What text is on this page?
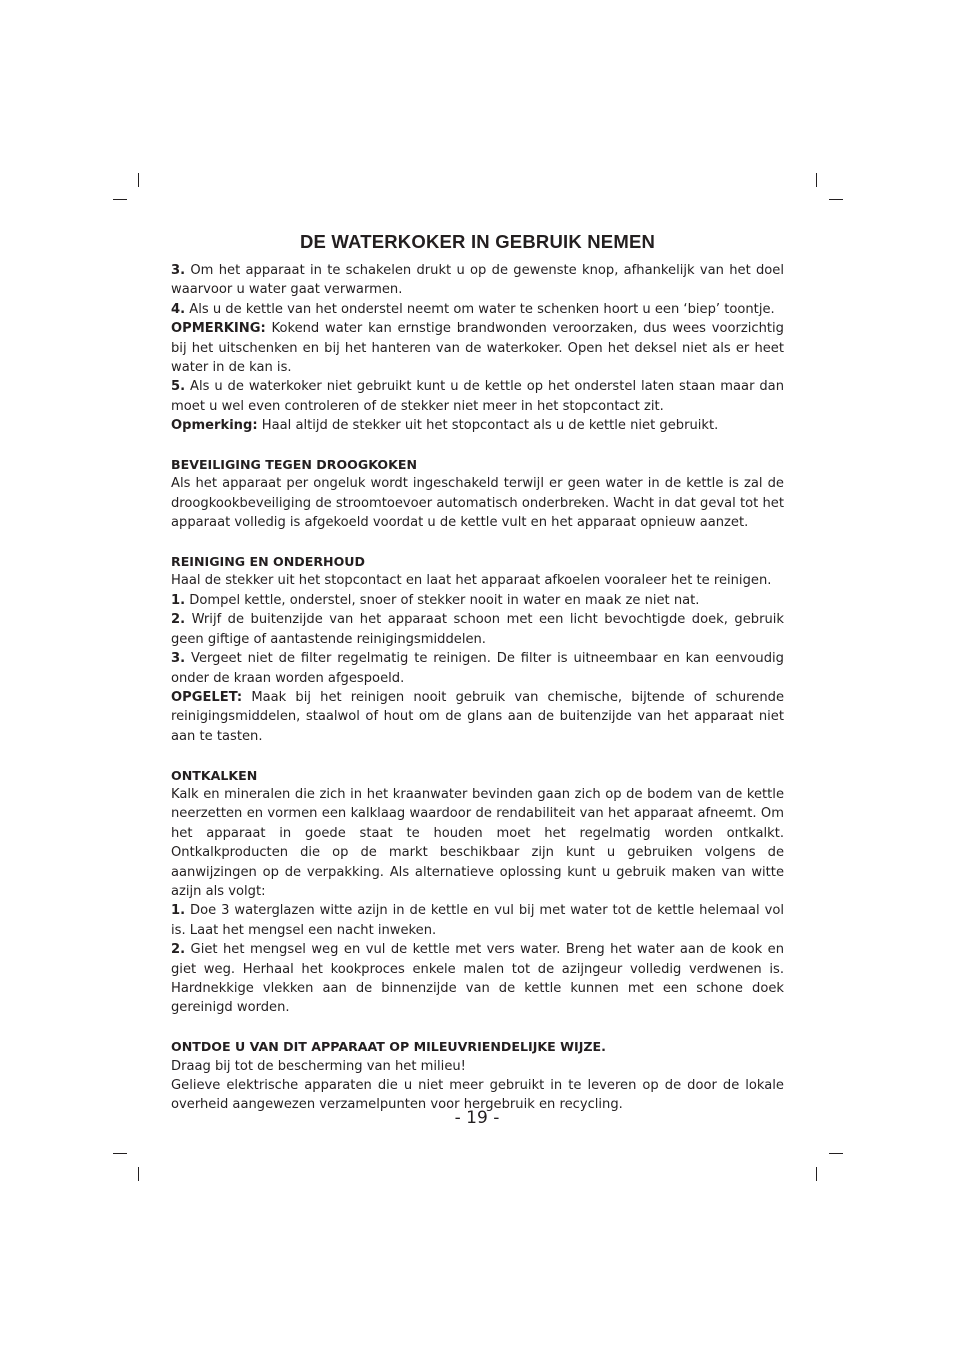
DE WATERKOKER IN GEBRUIK NEMEN

3. Om het apparaat in te schakelen drukt u op de gewenste knop, afhankelijk van het doel waarvoor u water gaat verwarmen.

4. Als u de kettle van het onderstel neemt om water te schenken hoort u een ‘biep’ toontje.

OPMERKING: Kokend water kan ernstige brandwonden veroorzaken, dus wees voorzichtig bij het uitschenken en bij het hanteren van de waterkoker. Open het deksel niet als er heet water in de kan is.

5. Als u de waterkoker niet gebruikt kunt u de kettle op het onderstel laten staan maar dan moet u wel even controleren of de stekker niet meer in het stopcontact zit.

Opmerking: Haal altijd de stekker uit het stopcontact als u de kettle niet gebruikt.

BEVEILIGING TEGEN DROOGKOKEN

Als het apparaat per ongeluk wordt ingeschakeld terwijl er geen water in de kettle is zal de droogkookbeveiliging de stroomtoevoer automatisch onderbreken. Wacht in dat geval tot het apparaat volledig is afgekoeld voordat u de kettle vult en het apparaat opnieuw aanzet.

REINIGING EN ONDERHOUD

Haal de stekker uit het stopcontact en laat het apparaat afkoelen vooraleer het te reinigen.

1. Dompel kettle, onderstel, snoer of stekker nooit in water en maak ze niet nat.

2. Wrijf de buitenzijde van het apparaat schoon met een licht bevochtigde doek, gebruik geen giftige of aantastende reinigingsmiddelen.

3. Vergeet niet de filter regelmatig te reinigen. De filter is uitneembaar en kan eenvoudig onder de kraan worden afgespoeld.

OPGELET: Maak bij het reinigen nooit gebruik van chemische, bijtende of schurende reinigingsmiddelen, staalwol of hout om de glans aan de buitenzijde van het apparaat niet aan te tasten.

ONTKALKEN

Kalk en mineralen die zich in het kraanwater bevinden gaan zich op de bodem van de kettle neerzetten en vormen een kalklaag waardoor de rendabiliteit van het apparaat afneemt. Om het apparaat in goede staat te houden moet het regelmatig worden ontkalkt. Ontkalkproducten die op de markt beschikbaar zijn kunt u gebruiken volgens de aanwijzingen op de verpakking. Als alternatieve oplossing kunt u gebruik maken van witte azijn als volgt:

1. Doe 3 waterglazen witte azijn in de kettle en vul bij met water tot de kettle helemaal vol is. Laat het mengsel een nacht inweken.

2. Giet het mengsel weg en vul de kettle met vers water. Breng het water aan de kook en giet weg. Herhaal het kookproces enkele malen tot de azijngeur volledig verdwenen is. Hardnekkige vlekken aan de binnenzijde van de kettle kunnen met een schone doek gereinigd worden.

ONTDOE U VAN DIT APPARAAT OP MILEUVRIENDELIJKE WIJZE.

Draag bij tot de bescherming van het milieu!

Gelieve elektrische apparaten die u niet meer gebruikt in te leveren op de door de lokale overheid aangewezen verzamelpunten voor hergebruik en recycling.

- 19 -
